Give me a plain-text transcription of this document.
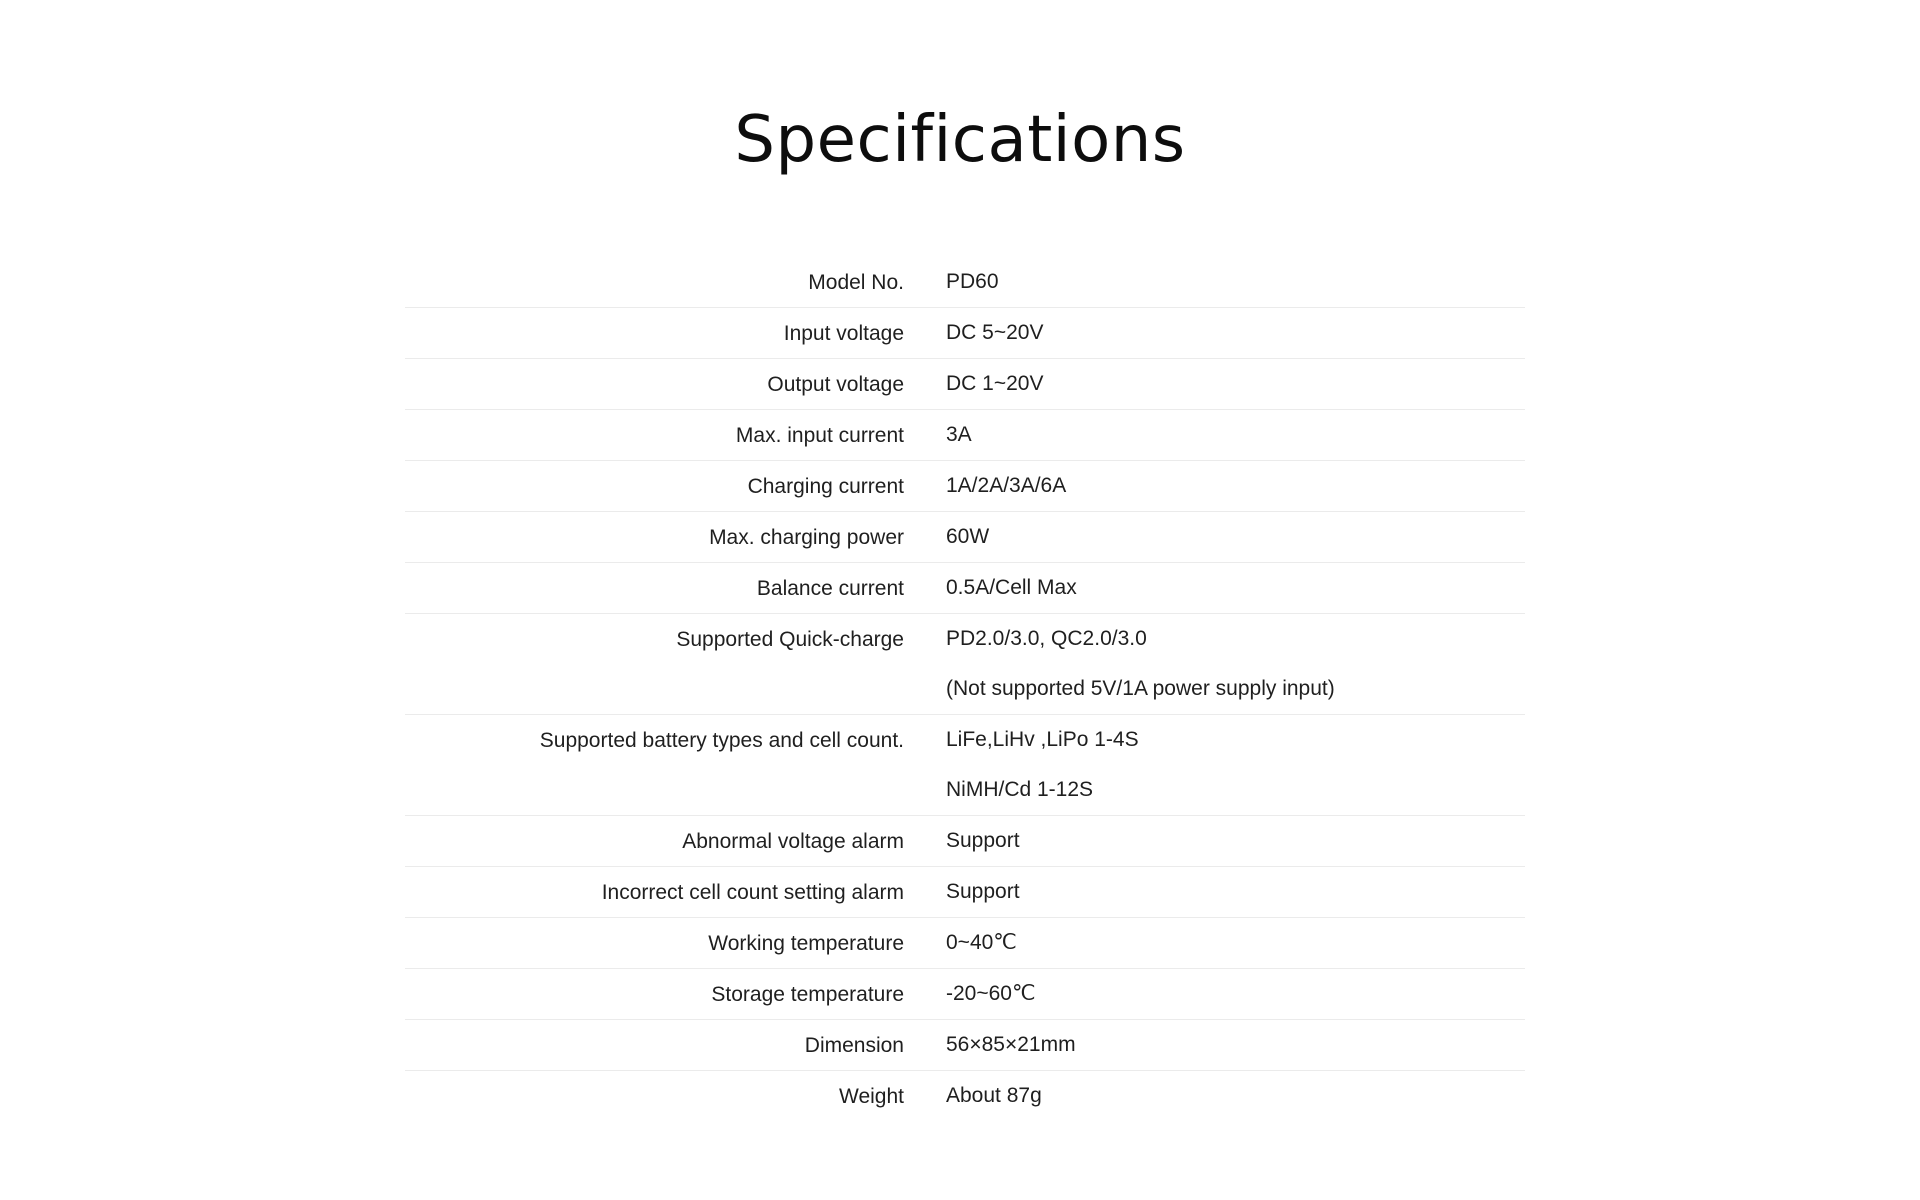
Specifications
Model No. PD60
Input voltage DC 5~20V
Output voltage DC 1~20V
Max. input current 3A
Charging current 1A/2A/3A/6A
Max. charging power 60W
Balance current 0.5A/Cell Max
Supported Quick-charge PD2.0/3.0, QC2.0/3.0
(Not supported 5V/1A power supply input)
Supported battery types and cell count. LiFe,LiHv ,LiPo 1-4S
NiMH/Cd 1-12S
Abnormal voltage alarm Support
Incorrect cell count setting alarm Support
Working temperature 0~40℃
Storage temperature -20~60℃
Dimension 56×85×21mm
Weight About 87g
